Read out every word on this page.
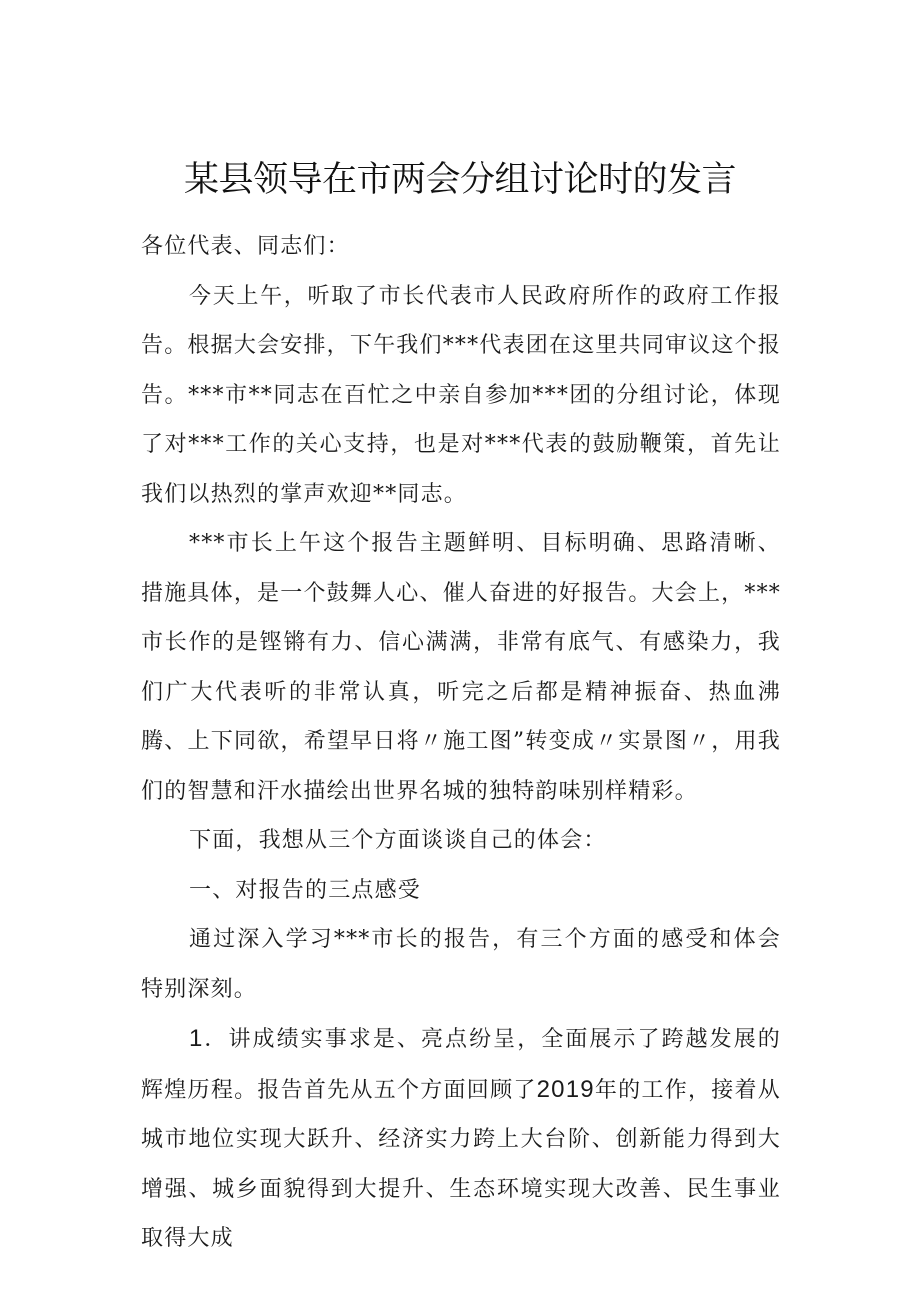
某县领导在市两会分组讨论时的发言

各位代表、同志们：

今天上午，听取了市长代表市人民政府所作的政府工作报告。根据大会安排，下午我们***代表团在这里共同审议这个报告。***市**同志在百忙之中亲自参加***团的分组讨论，体现了对***工作的关心支持，也是对***代表的鼓励鞭策，首先让我们以热烈的掌声欢迎**同志。

***市长上午这个报告主题鲜明、目标明确、思路清晰、措施具体，是一个鼓舞人心、催人奋进的好报告。大会上，***市长作的是铿锵有力、信心满满，非常有底气、有感染力，我们广大代表听的非常认真，听完之后都是精神振奋、热血沸腾、上下同欲，希望早日将〃施工图”转变成〃实景图〃，用我们的智慧和汗水描绘出世界名城的独特韵味别样精彩。

下面，我想从三个方面谈谈自己的体会：

一、对报告的三点感受

通过深入学习***市长的报告，有三个方面的感受和体会特别深刻。

1．讲成绩实事求是、亮点纷呈，全面展示了跨越发展的辉煌历程。报告首先从五个方面回顾了2019年的工作，接着从城市地位实现大跃升、经济实力跨上大台阶、创新能力得到大增强、城乡面貌得到大提升、生态环境实现大改善、民生事业取得大成
